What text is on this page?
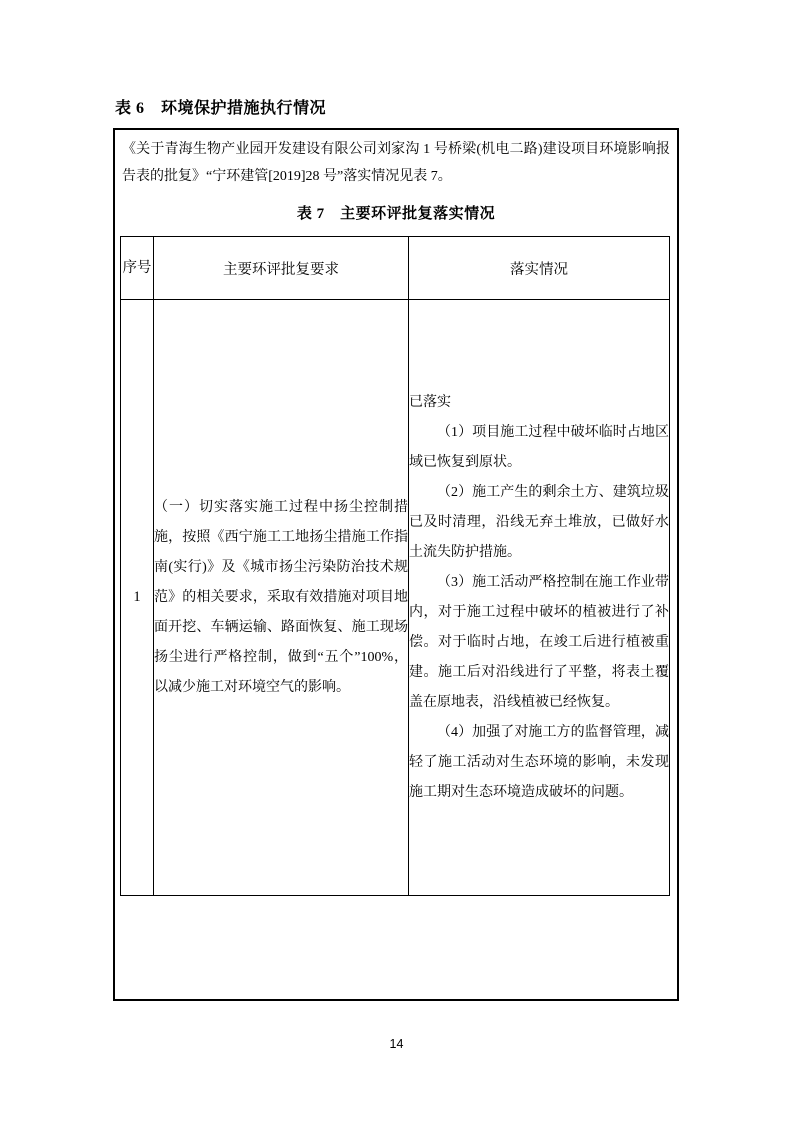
表 6　环境保护措施执行情况

《关于青海生物产业园开发建设有限公司刘家沟 1 号桥梁(机电二路)建设项目环境影响报告表的批复》“宁环建管[2019]28 号”落实情况见表 7。

表 7　主要环评批复落实情况
序号	主要环评批复要求	落实情况
1	（一）切实落实施工过程中扬尘控制措施，按照《西宁施工工地扬尘措施工作指南(实行)》及《城市扬尘污染防治技术规范》的相关要求，采取有效措施对项目地面开挖、车辆运输、路面恢复、施工现场扬尘进行严格控制，做到“五个”100%，以减少施工对环境空气的影响。	已落实

（1）项目施工过程中破坏临时占地区域已恢复到原状。

（2）施工产生的剩余土方、建筑垃圾已及时清理，沿线无弃土堆放，已做好水土流失防护措施。

（3）施工活动严格控制在施工作业带内，对于施工过程中破坏的植被进行了补偿。对于临时占地，在竣工后进行植被重建。施工后对沿线进行了平整，将表土覆盖在原地表，沿线植被已经恢复。

（4）加强了对施工方的监督管理，减轻了施工活动对生态环境的影响，未发现施工期对生态环境造成破坏的问题。

14
